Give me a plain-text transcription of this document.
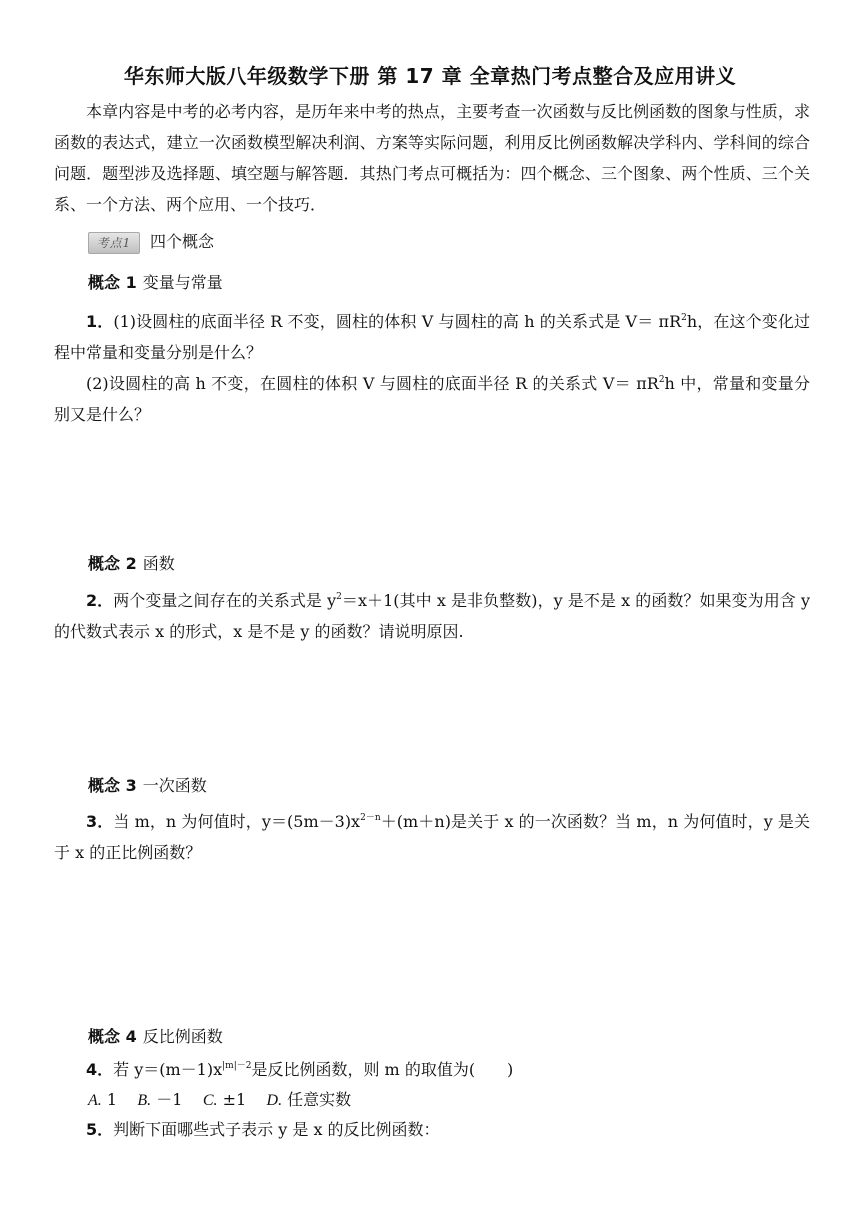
华东师大版八年级数学下册 第 17 章 全章热门考点整合及应用讲义
本章内容是中考的必考内容，是历年来中考的热点，主要考查一次函数与反比例函数的图象与性质，求函数的表达式，建立一次函数模型解决利润、方案等实际问题，利用反比例函数解决学科内、学科间的综合问题．题型涉及选择题、填空题与解答题．其热门考点可概括为：四个概念、三个图象、两个性质、三个关系、一个方法、两个应用、一个技巧．
考点1 四个概念
概念 1 变量与常量
1．(1)设圆柱的底面半径 R 不变，圆柱的体积 V 与圆柱的高 h 的关系式是 $V= \pi R^2h$，在这个变化过程中常量和变量分别是什么？
(2)设圆柱的高 h 不变，在圆柱的体积 V 与圆柱的底面半径 R 的关系式 $V= \pi R^2h$ 中，常量和变量分别又是什么？
概念 2 函数
2．两个变量之间存在的关系式是 $y^2=x+1$(其中 x 是非负整数)，y 是不是 x 的函数？如果变为用含 y 的代数式表示 x 的形式，x 是不是 y 的函数？请说明原因.
概念 3 一次函数
3．当 m，n 为何值时，$y=(5m-3)x^{2-n}+(m+n)$是关于 x 的一次函数？当 m，n 为何值时，y 是关于 x 的正比例函数？
概念 4 反比例函数
4．若 $y=(m-1)x^{|m|-2}$是反比例函数，则 m 的取值为(　　)
A. 1 B. －1 C. ±1 D. 任意实数
5．判断下面哪些式子表示 y 是 x 的反比例函数：
